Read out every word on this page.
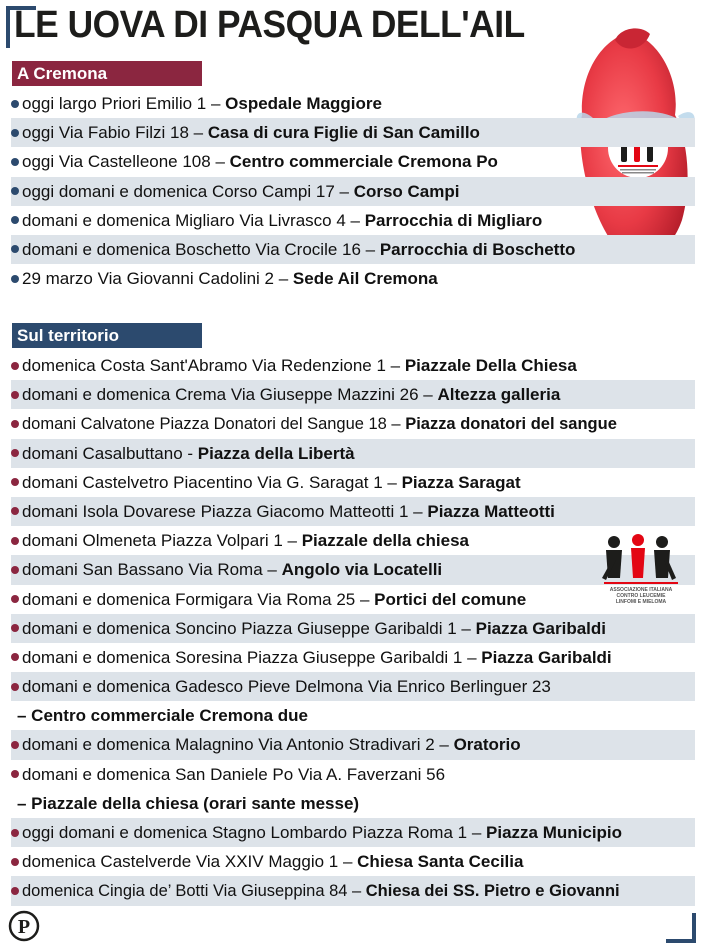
LE UOVA DI PASQUA DELL'AIL
A Cremona
oggi largo Priori Emilio 1 – Ospedale Maggiore
oggi Via Fabio Filzi 18 – Casa di cura Figlie di San Camillo
oggi Via Castelleone 108 – Centro commerciale Cremona Po
oggi domani e domenica Corso Campi 17 – Corso Campi
domani e domenica Migliaro Via Livrasco 4 – Parrocchia di Migliaro
domani e domenica Boschetto Via Crocile 16 – Parrocchia di Boschetto
29 marzo Via Giovanni Cadolini 2 – Sede Ail Cremona
Sul territorio
domenica Costa Sant'Abramo Via Redenzione 1 – Piazzale Della Chiesa
domani e domenica Crema Via Giuseppe Mazzini 26 – Altezza galleria
domani Calvatone Piazza Donatori del Sangue 18 – Piazza donatori del sangue
domani Casalbuttano - Piazza della Libertà
domani Castelvetro Piacentino Via G. Saragat 1 – Piazza Saragat
domani Isola Dovarese Piazza Giacomo Matteotti 1 – Piazza Matteotti
domani Olmeneta Piazza Volpari 1 – Piazzale della chiesa
domani San Bassano Via Roma – Angolo via Locatelli
domani e domenica Formigara Via Roma 25 – Portici del comune
domani e domenica Soncino Piazza Giuseppe Garibaldi 1 – Piazza Garibaldi
domani e domenica Soresina Piazza Giuseppe Garibaldi 1 – Piazza Garibaldi
domani e domenica Gadesco Pieve Delmona Via Enrico Berlinguer 23
– Centro commerciale Cremona due
domani e domenica Malagnino Via Antonio Stradivari 2 – Oratorio
domani e domenica San Daniele Po Via A. Faverzani 56
– Piazzale della chiesa (orari sante messe)
oggi domani e domenica Stagno Lombardo Piazza Roma 1 – Piazza Municipio
domenica Castelverde Via XXIV Maggio 1 – Chiesa Santa Cecilia
domenica Cingia de’ Botti Via Giuseppina 84 – Chiesa dei SS. Pietro e Giovanni
ASSOCIAZIONE ITALIANA
CONTRO LEUCEMIE
LINFOMI E MIELOMA
P
